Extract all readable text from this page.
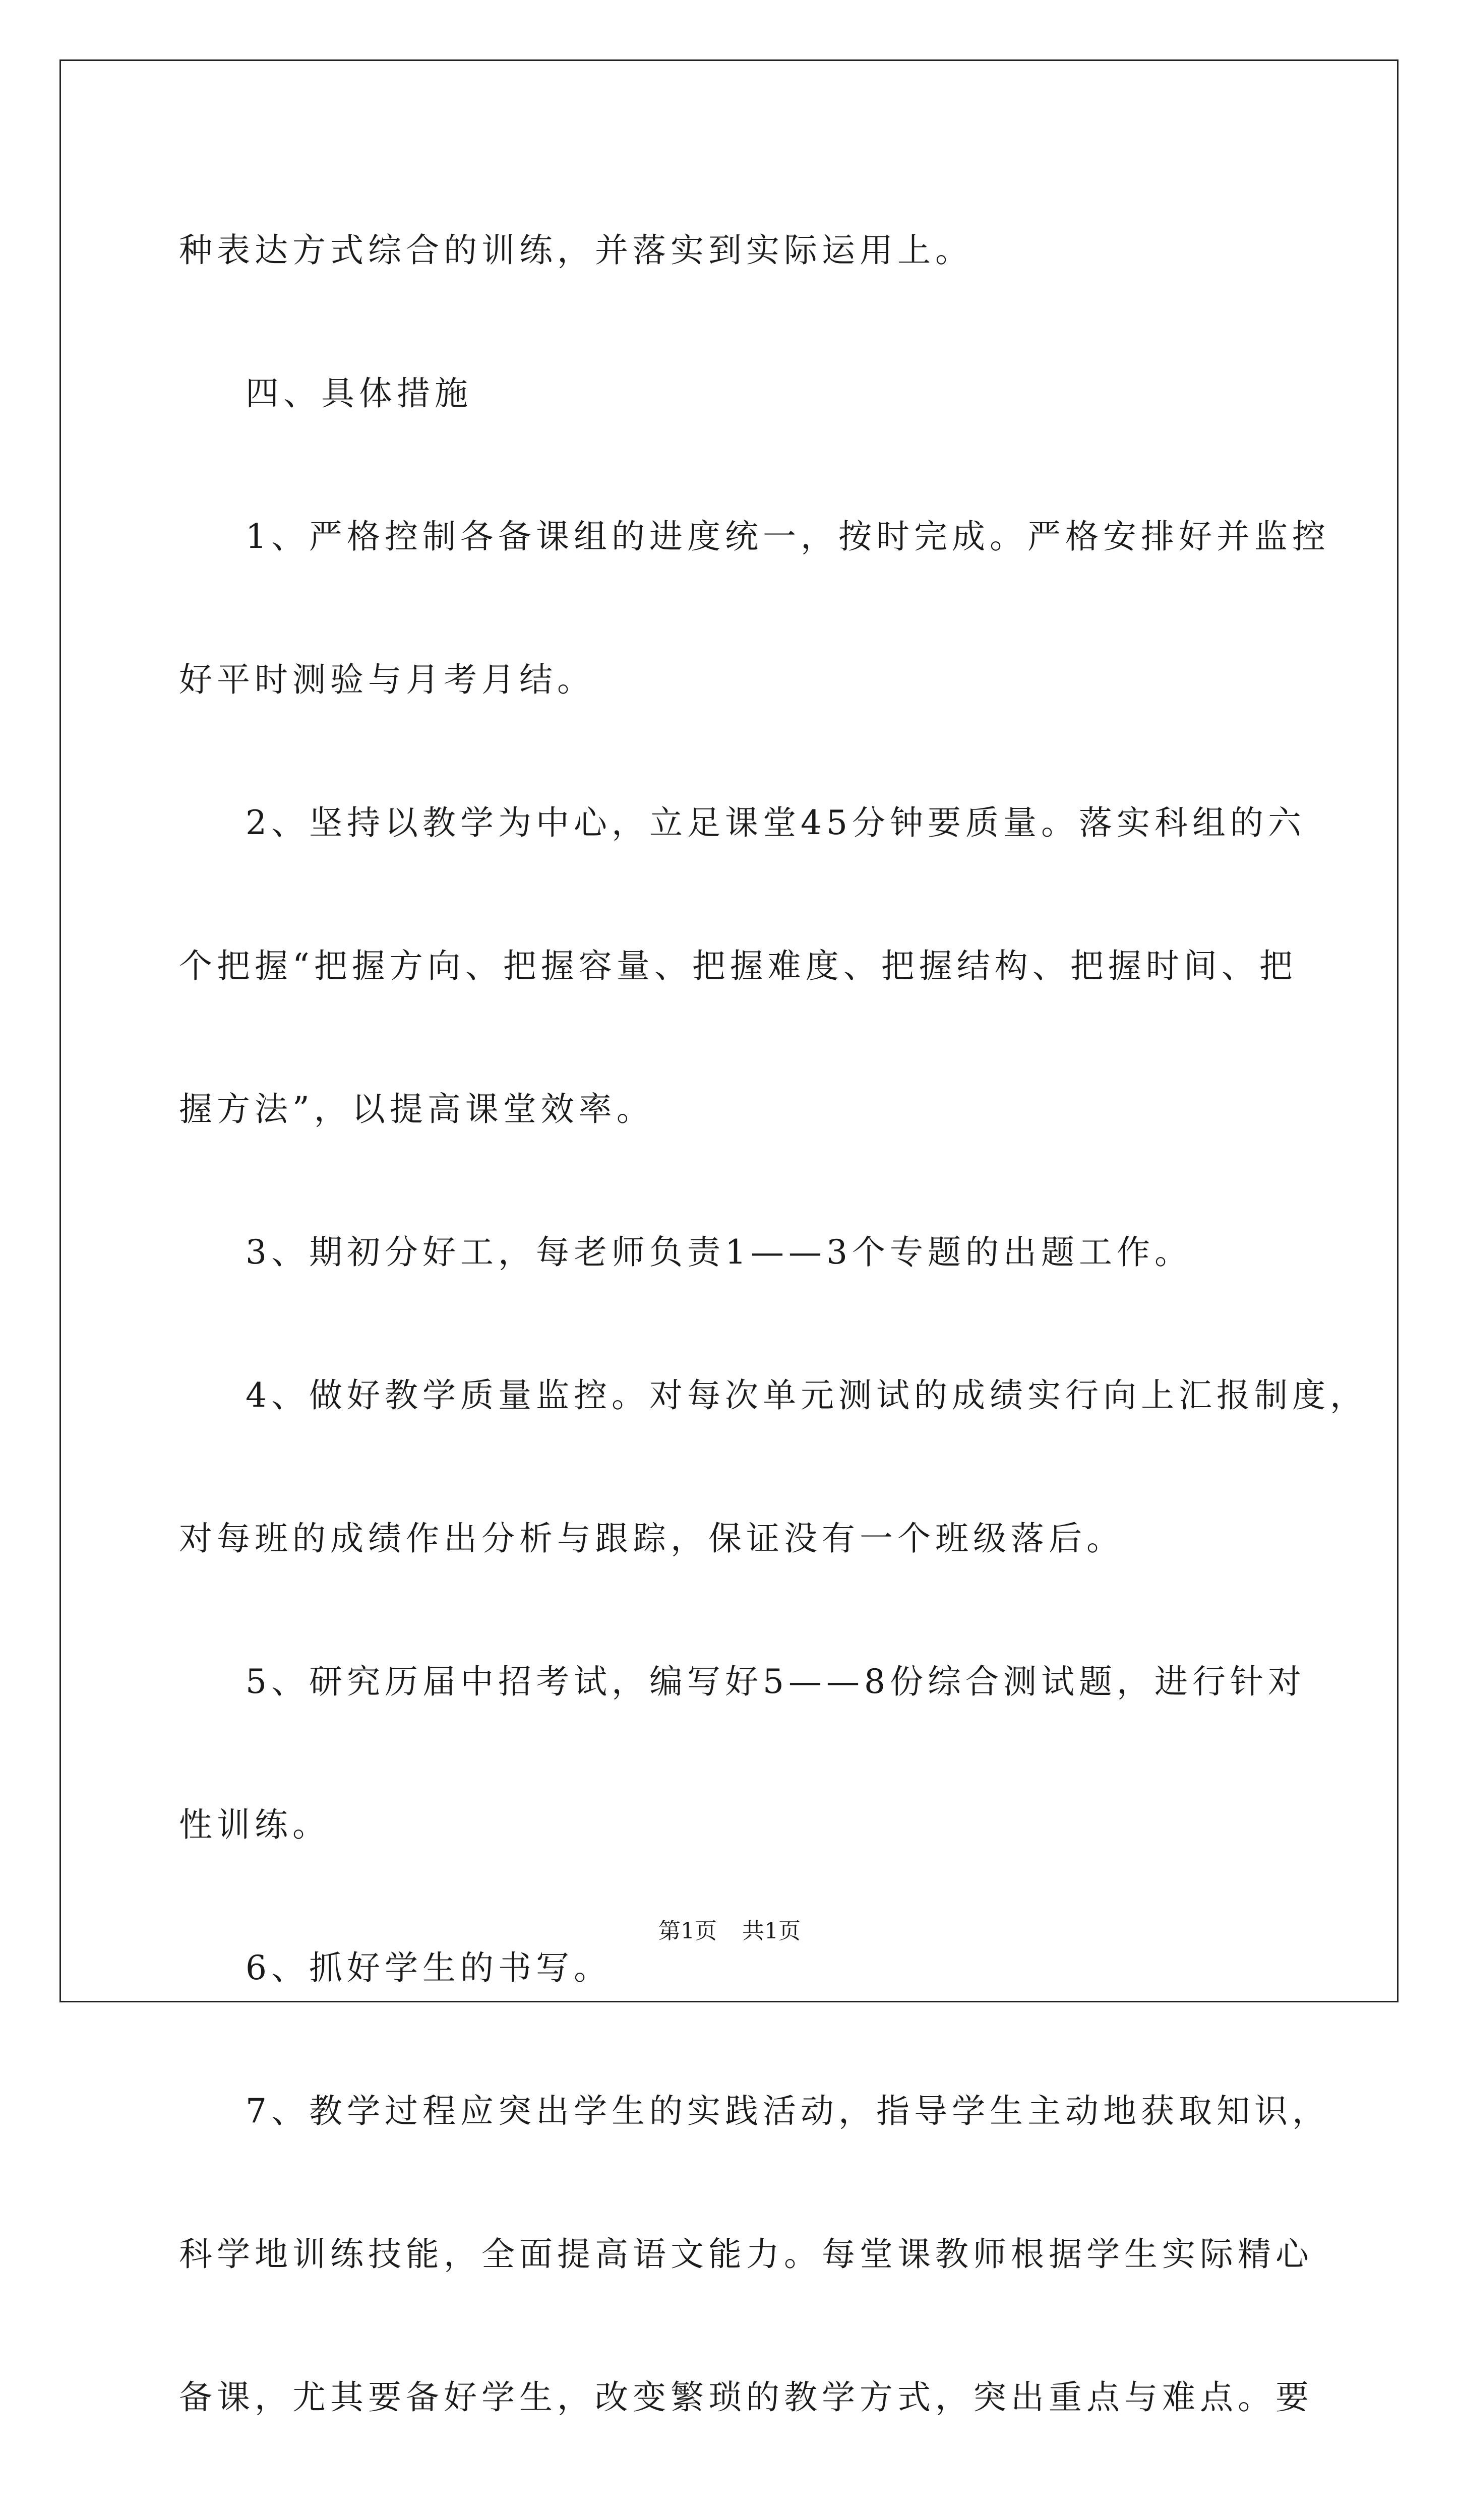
种表达方式综合的训练，并落实到实际运用上。

四、具体措施

1、严格控制各备课组的进度统一，按时完成。严格安排好并监控

好平时测验与月考月结。

2、坚持以教学为中心，立足课堂45分钟要质量。落实科组的六

个把握“把握方向、把握容量、把握难度、把握结构、把握时间、把

握方法”，以提高课堂效率。

3、期初分好工，每老师负责1——3个专题的出题工作。

4、做好教学质量监控。对每次单元测试的成绩实行向上汇报制度，

对每班的成绩作出分析与跟踪，保证没有一个班级落后。

5、研究历届中招考试，编写好5——8份综合测试题，进行针对

性训练。

6、抓好学生的书写。

7、教学过程应突出学生的实践活动，指导学生主动地获取知识，

科学地训练技能，全面提高语文能力。每堂课教师根据学生实际精心

备课，尤其要备好学生，改变繁琐的教学方式，突出重点与难点。要

第1页 共1页
